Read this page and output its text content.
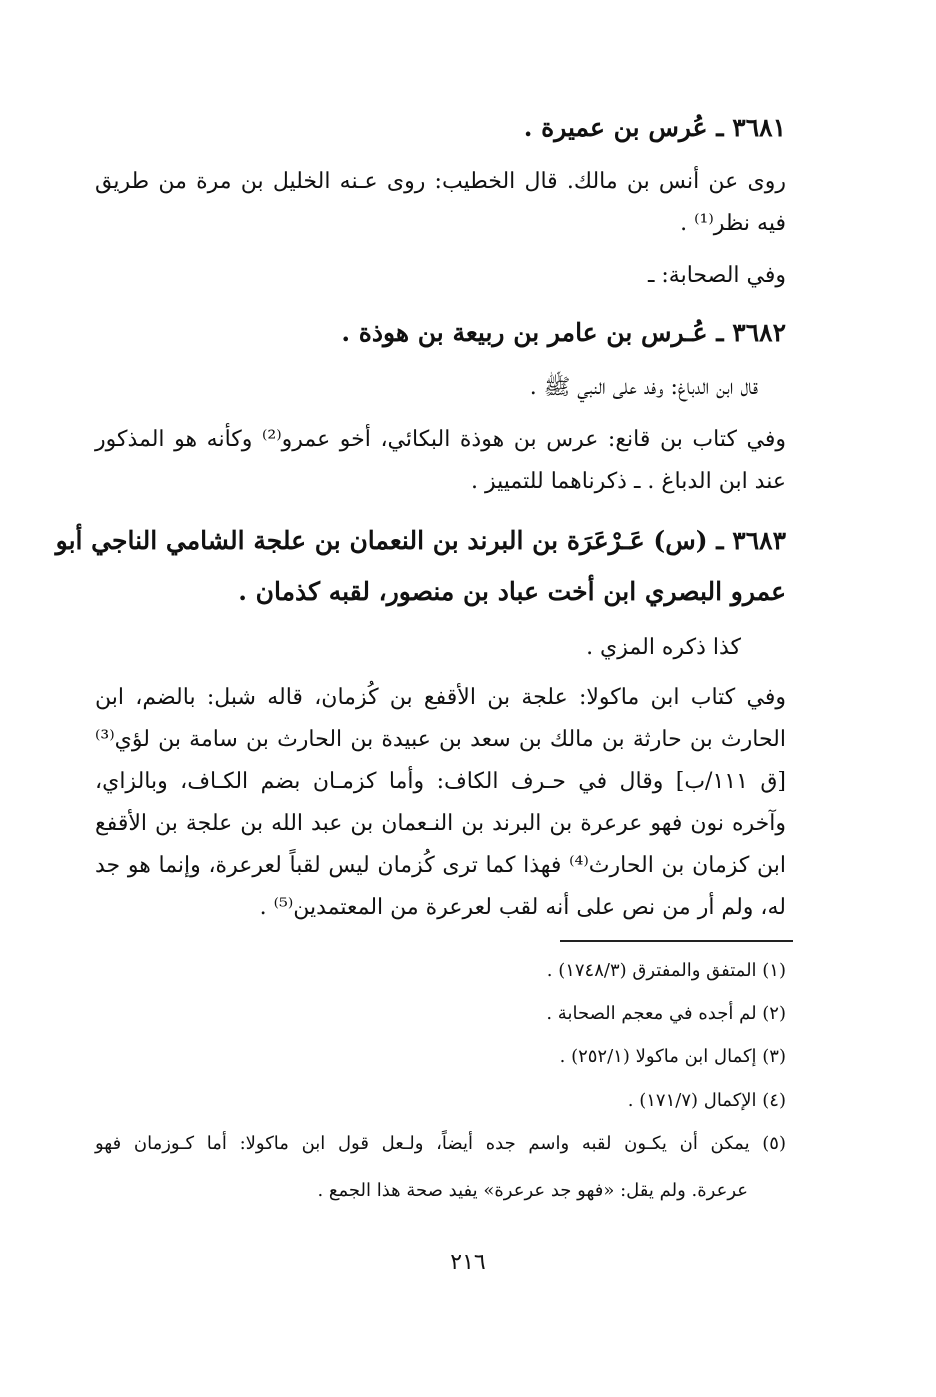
٣٦٨١ ـ عُرس بن عميرة .
روى عن أنس بن مالك. قال الخطيب: روى عـنه الخليل بن مرة من طريق
فيه نظر⁽¹⁾ .
وفي الصحابة: ـ
٣٦٨٢ ـ عُـرس بن عامر بن ربيعة بن هوذة .
قال ابن الدباغ: وفد على النبي ﷺ .
وفي كتاب بن قانع: عرس بن هوذة البكائي، أخو عمرو⁽²⁾ وكأنه هو المذكور
عند ابن الدباغ . ـ ذكرناهما للتمييز .
٣٦٨٣ ـ (س) عَـرْعَرَة بن البرند بن النعمان بن علجة الشامي الناجي أبو
عمرو البصري ابن أخت عباد بن منصور، لقبه كذمان .
كذا ذكره المزي .
وفي كتاب ابن ماكولا: علجة بن الأقفع بن كُزمان، قاله شبل: بالضم، ابن
الحارث بن حارثة بن مالك بن سعد بن عبيدة بن الحارث بن سامة بن لؤي⁽³⁾
[ق ١١١/ب] وقال في حـرف الكاف: وأما كزمـان بضم الكـاف، وبالزاي،
وآخره نون فهو عرعرة بن البرند بن النـعمان بن عبد الله بن علجة بن الأقفع
ابن كزمان بن الحارث⁽⁴⁾ فهذا كما ترى كُزمان ليس لقباً لعرعرة، وإنما هو جد
له، ولم أر من نص على أنه لقب لعرعرة من المعتمدين⁽⁵⁾ .
(١) المتفق والمفترق (١٧٤٨/٣) .
(٢) لم أجده في معجم الصحابة .
(٣) إكمال ابن ماكولا (٢٥٢/١) .
(٤) الإكمال (١٧١/٧) .
(٥) يمكن أن يكـون لقبه واسم جده أيضاً، ولـعل قول ابن ماكولا: أما كـوزمان فهو
عرعرة. ولم يقل: «فهو جد عرعرة» يفيد صحة هذا الجمع .
٢١٦
